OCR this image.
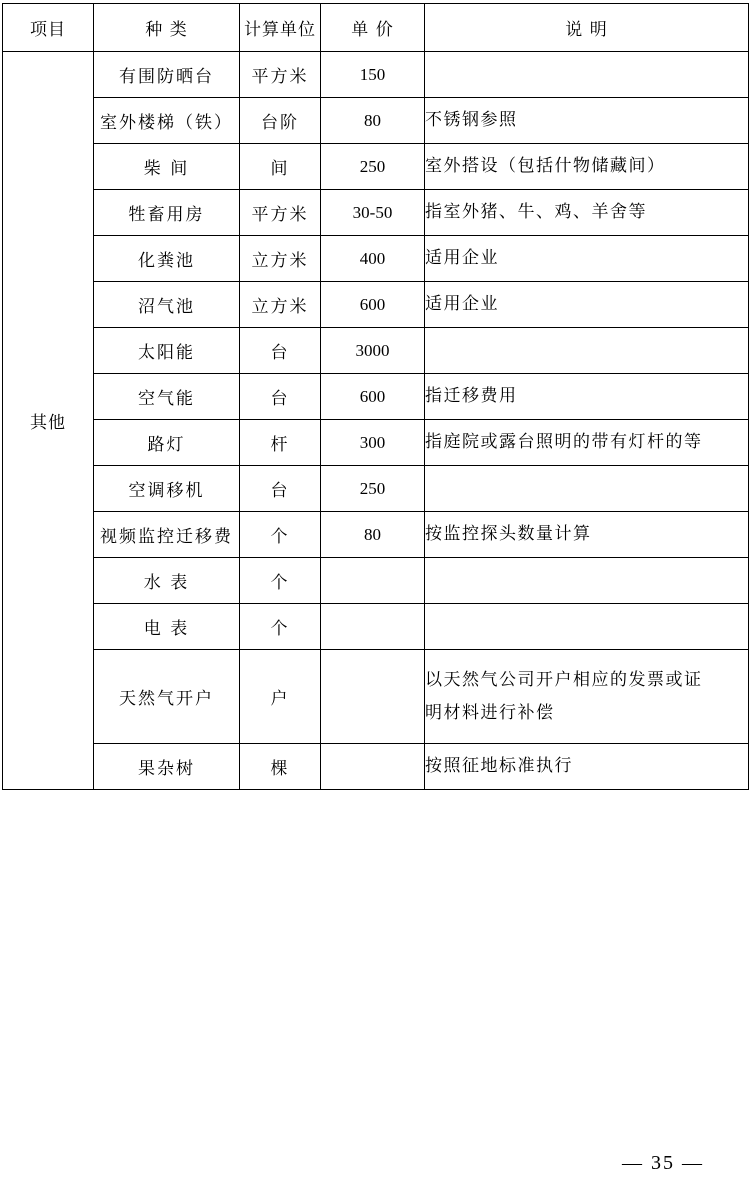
项目	种 类	计算单位	单 价	说 明
其他	有围防晒台	平方米	150	
	室外楼梯（铁）	台阶	80	不锈钢参照
	柴 间	间	250	室外搭设（包括什物储藏间）
	牲畜用房	平方米	30-50	指室外猪、牛、鸡、羊舍等
	化粪池	立方米	400	适用企业
	沼气池	立方米	600	适用企业
	太阳能	台	3000	
	空气能	台	600	指迁移费用
	路灯	杆	300	指庭院或露台照明的带有灯杆的等
	空调移机	台	250	
	视频监控迁移费	个	80	按监控探头数量计算
	水 表	个		
	电 表	个		
	天然气开户	户		以天然气公司开户相应的发票或证
明材料进行补偿
	果杂树	棵		按照征地标准执行
— 35 —
